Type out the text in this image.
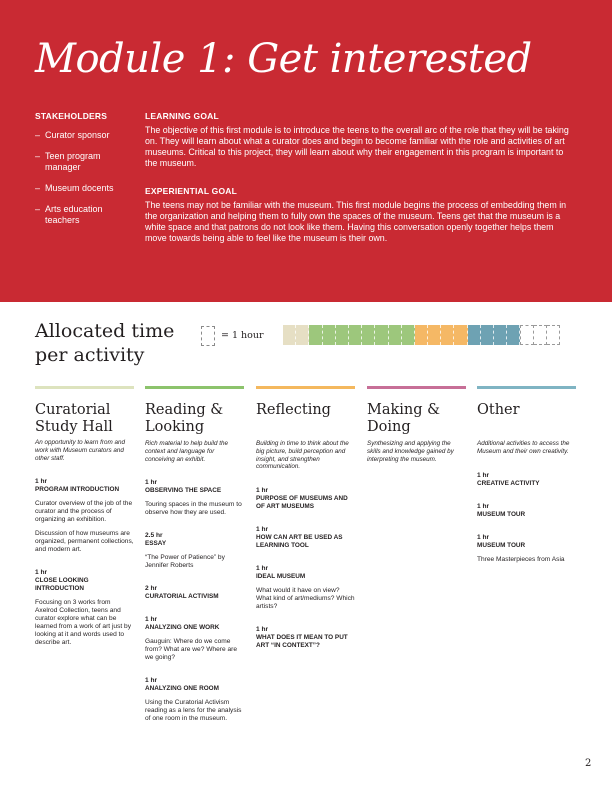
Module 1: Get interested
STAKEHOLDERS
– Curator sponsor
– Teen program manager
– Museum docents
– Arts education teachers
LEARNING GOAL

The objective of this first module is to introduce the teens to the overall arc of the role that they will be taking on. They will learn about what a curator does and begin to become familiar with the role and activities of art museums. Critical to this project, they will learn about why their engagement in this program is important to the museum.

EXPERIENTIAL GOAL

The teens may not be familiar with the museum. This first module begins the process of embedding them in the organization and helping them to fully own the spaces of the museum. Teens get that the museum is a white space and that patrons do not look like them. Having this conversation openly together helps them move towards being able to feel like the museum is their own.

Allocated time
per activity
= 1 hour
Curatorial Study Hall
An opportunity to learn from and work with Museum curators and other staff.
1 hr
PROGRAM INTRODUCTION
Curator overview of the job of the curator and the process of organizing an exhibition.
Discussion of how museums are organized, permanent collections, and modern art.
1 hr
CLOSE LOOKING INTRODUCTION
Focusing on 3 works from Axelrod Collection, teens and curator explore what can be learned from a work of art just by looking at it and words used to describe art.
Reading & Looking
Rich material to help build the context and language for conceiving an exhibit.
1 hr
OBSERVING THE SPACE
Touring spaces in the museum to observe how they are used.
2.5 hr
ESSAY
“The Power of Patience” by Jennifer Roberts
2 hr
CURATORIAL ACTIVISM
1 hr
ANALYZING ONE WORK
Gauguin: Where do we come from? What are we? Where are we going?
1 hr
ANALYZING ONE ROOM
Using the Curatorial Activism reading as a lens for the analysis of one room in the museum.
Reflecting
Building in time to think about the big picture, build perception and insight, and strengthen communication.
1 hr
PURPOSE OF MUSEUMS AND OF ART MUSEUMS
1 hr
HOW CAN ART BE USED AS LEARNING TOOL
1 hr
IDEAL MUSEUM
What would it have on view? What kind of art/mediums? Which artists?
1 hr
WHAT DOES IT MEAN TO PUT ART “IN CONTEXT”?
Making & Doing
Synthesizing and applying the skills and knowledge gained by interpreting the museum.
Other
Additional activities to access the Museum and their own creativity.
1 hr
CREATIVE ACTIVITY
1 hr
MUSEUM TOUR
1 hr
MUSEUM TOUR
Three Masterpieces from Asia
2
